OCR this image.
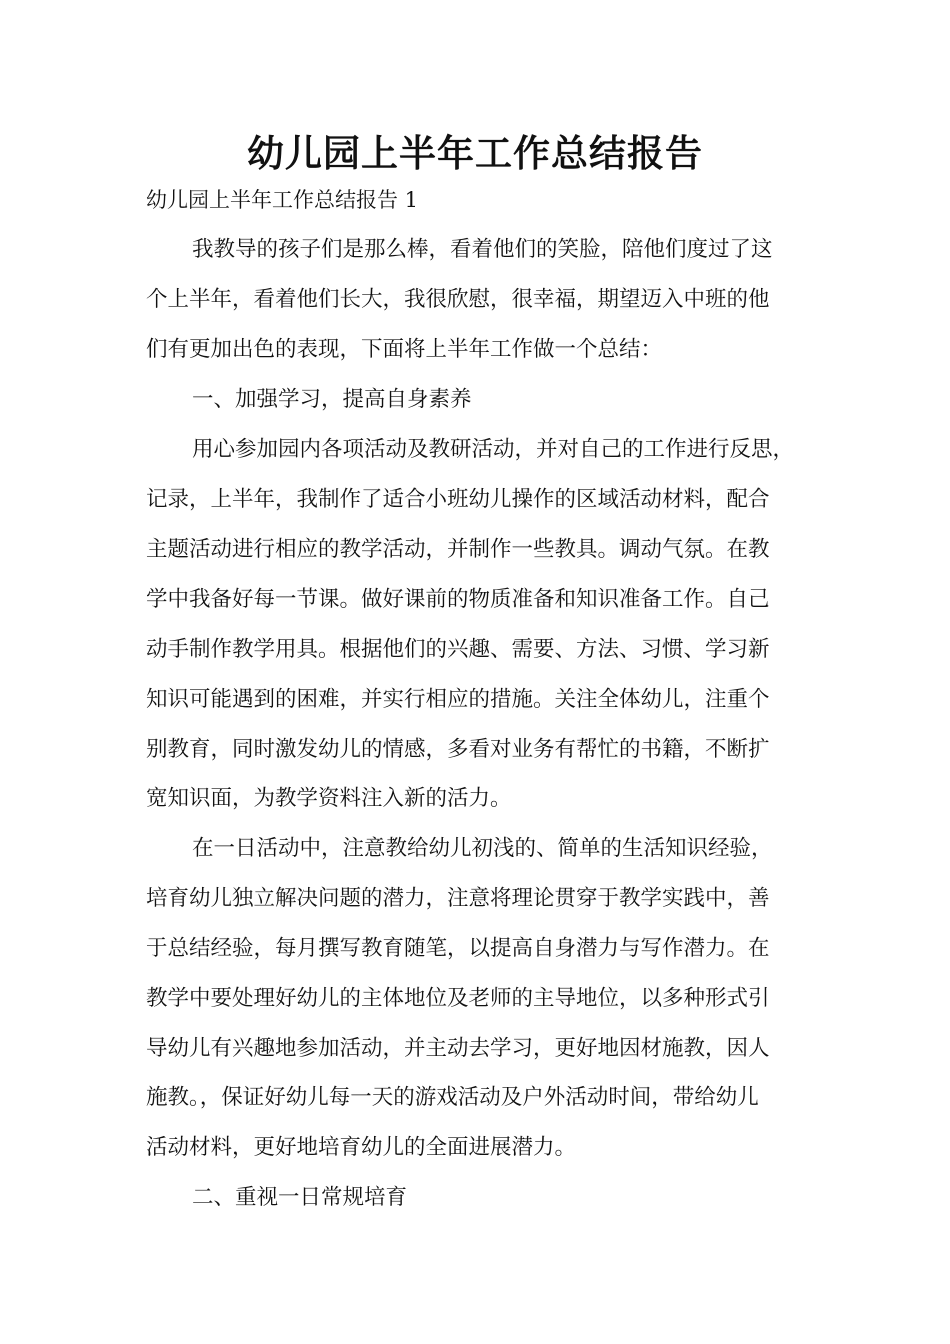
幼儿园上半年工作总结报告

幼儿园上半年工作总结报告 1

我教导的孩子们是那么棒，看着他们的笑脸，陪他们度过了这

个上半年，看着他们长大，我很欣慰，很幸福，期望迈入中班的他

们有更加出色的表现，下面将上半年工作做一个总结：

一、加强学习，提高自身素养

用心参加园内各项活动及教研活动，并对自己的工作进行反思，

记录，上半年，我制作了适合小班幼儿操作的区域活动材料，配合

主题活动进行相应的教学活动，并制作一些教具。调动气氛。在教

学中我备好每一节课。做好课前的物质准备和知识准备工作。自己

动手制作教学用具。根据他们的兴趣、需要、方法、习惯、学习新

知识可能遇到的困难，并实行相应的措施。关注全体幼儿，注重个

别教育，同时激发幼儿的情感，多看对业务有帮忙的书籍，不断扩

宽知识面，为教学资料注入新的活力。

在一日活动中，注意教给幼儿初浅的、简单的生活知识经验，

培育幼儿独立解决问题的潜力，注意将理论贯穿于教学实践中，善

于总结经验，每月撰写教育随笔，以提高自身潜力与写作潜力。在

教学中要处理好幼儿的主体地位及老师的主导地位，以多种形式引

导幼儿有兴趣地参加活动，并主动去学习，更好地因材施教，因人

施教。，保证好幼儿每一天的游戏活动及户外活动时间，带给幼儿

活动材料，更好地培育幼儿的全面进展潜力。

二、重视一日常规培育
